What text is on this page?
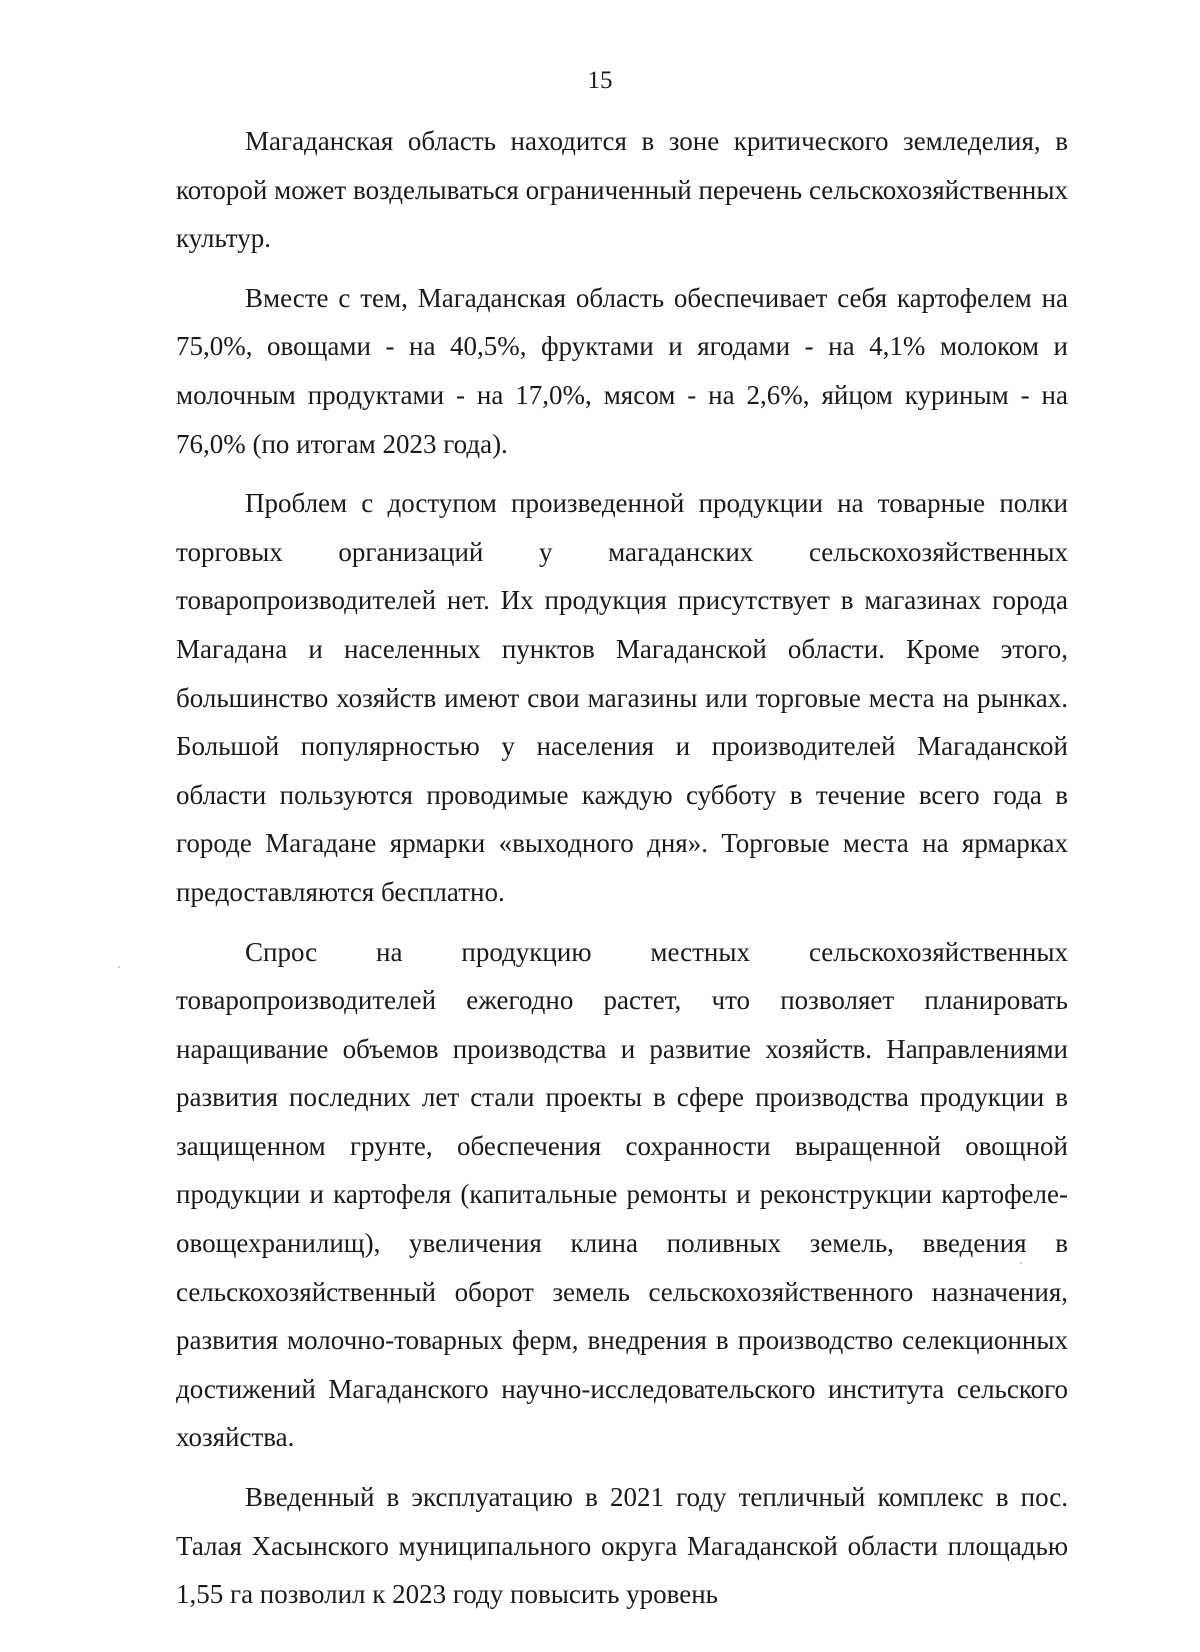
15

Магаданская область находится в зоне критического земледелия, в которой может возделываться ограниченный перечень сельскохозяйственных культур.

Вместе с тем, Магаданская область обеспечивает себя картофелем на 75,0%, овощами - на 40,5%, фруктами и ягодами - на 4,1% молоком и молочным продуктами - на 17,0%, мясом - на 2,6%, яйцом куриным - на 76,0% (по итогам 2023 года).

Проблем с доступом произведенной продукции на товарные полки торговых организаций у магаданских сельскохозяйственных товаропроизводителей нет. Их продукция присутствует в магазинах города Магадана и населенных пунктов Магаданской области. Кроме этого, большинство хозяйств имеют свои магазины или торговые места на рынках. Большой популярностью у населения и производителей Магаданской области пользуются проводимые каждую субботу в течение всего года в городе Магадане ярмарки «выходного дня». Торговые места на ярмарках предоставляются бесплатно.

Спрос на продукцию местных сельскохозяйственных товаропроизводителей ежегодно растет, что позволяет планировать наращивание объемов производства и развитие хозяйств. Направлениями развития последних лет стали проекты в сфере производства продукции в защищенном грунте, обеспечения сохранности выращенной овощной продукции и картофеля (капитальные ремонты и реконструкции картофеле-овощехранилищ), увеличения клина поливных земель, введения в сельскохозяйственный оборот земель сельскохозяйственного назначения, развития молочно-товарных ферм, внедрения в производство селекционных достижений Магаданского научно-исследовательского института сельского хозяйства.

Введенный в эксплуатацию в 2021 году тепличный комплекс в пос. Талая Хасынского муниципального округа Магаданской области площадью 1,55 га позволил к 2023 году повысить уровень
